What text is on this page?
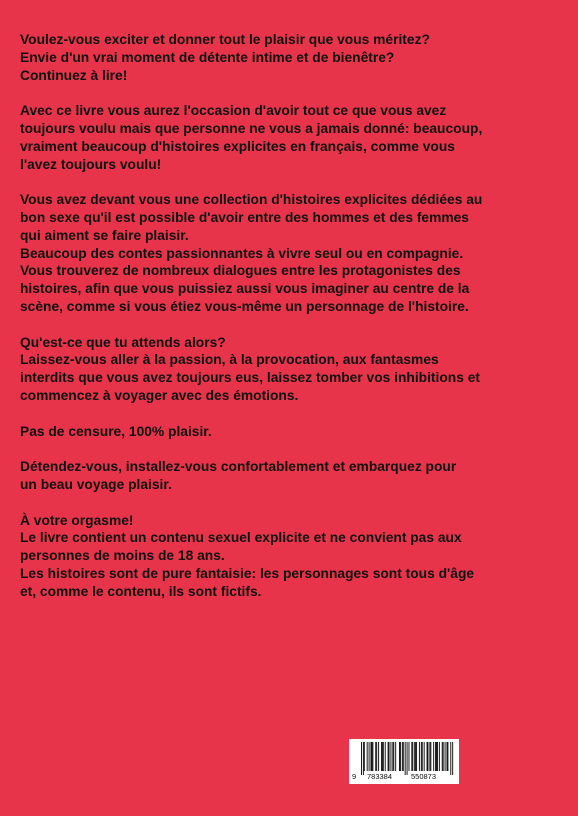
Voulez-vous exciter et donner tout le plaisir que vous méritez?
Envie d'un vrai moment de détente intime et de bienêtre?
Continuez à lire!
Avec ce livre vous aurez l'occasion d'avoir tout ce que vous avez
toujours voulu mais que personne ne vous a jamais donné: beaucoup,
vraiment beaucoup d'histoires explicites en français, comme vous
l'avez toujours voulu!
Vous avez devant vous une collection d'histoires explicites dédiées au
bon sexe qu'il est possible d'avoir entre des hommes et des femmes
qui aiment se faire plaisir.
Beaucoup des contes passionnantes à vivre seul ou en compagnie.
Vous trouverez de nombreux dialogues entre les protagonistes des
histoires, afin que vous puissiez aussi vous imaginer au centre de la
scène, comme si vous étiez vous-même un personnage de l'histoire.
Qu'est-ce que tu attends alors?
Laissez-vous aller à la passion, à la provocation, aux fantasmes
interdits que vous avez toujours eus, laissez tomber vos inhibitions et
commencez à voyager avec des émotions.
Pas de censure, 100% plaisir.
Détendez-vous, installez-vous confortablement et embarquez pour
un beau voyage plaisir.
À votre orgasme!
Le livre contient un contenu sexuel explicite et ne convient pas aux
personnes de moins de 18 ans.
Les histoires sont de pure fantaisie: les personnages sont tous d'âge
et, comme le contenu, ils sont fictifs.
9 783384	550873
